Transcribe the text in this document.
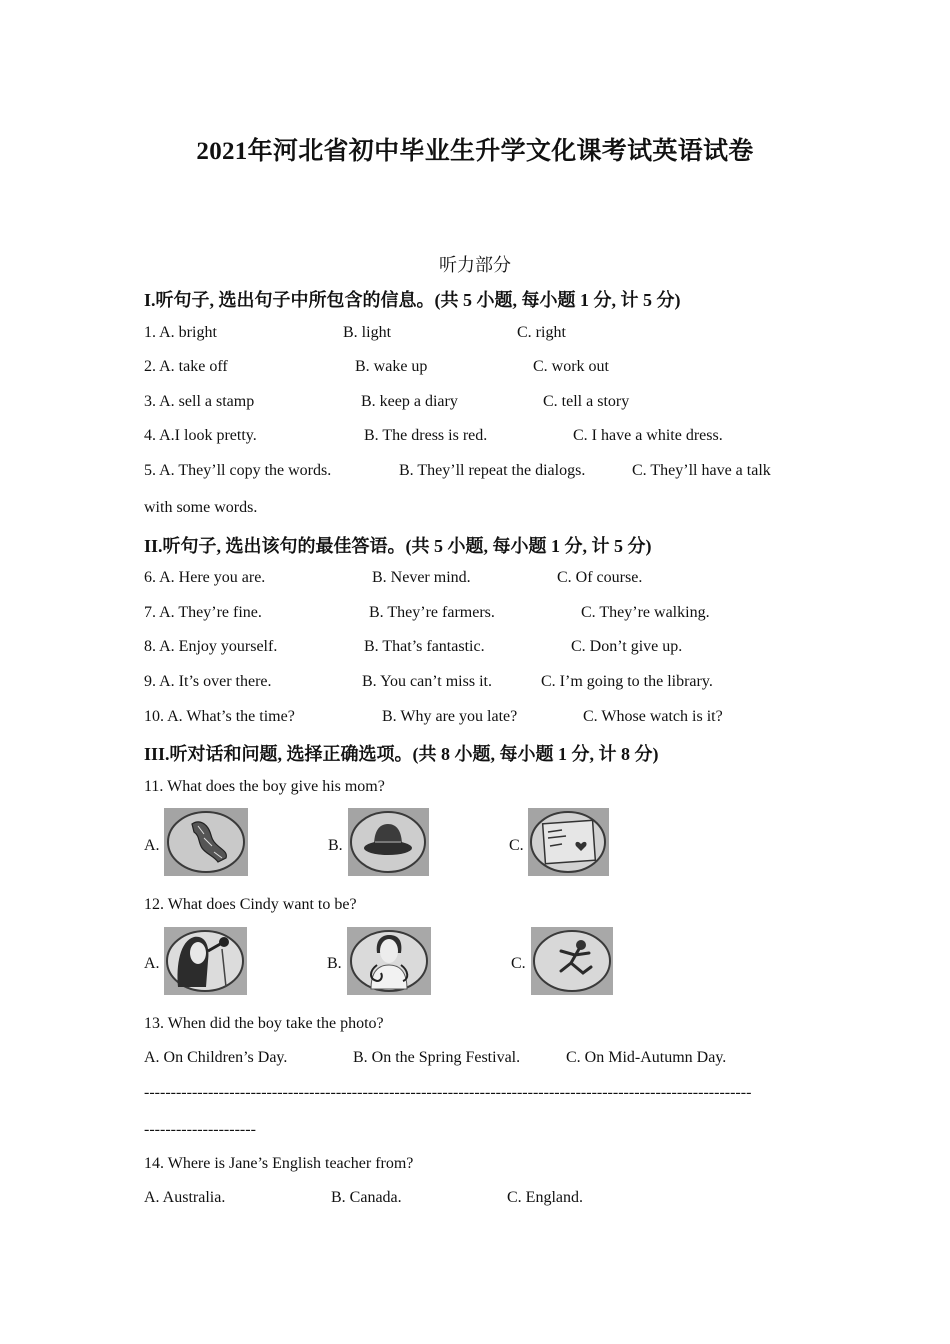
2021年河北省初中毕业生升学文化课考试英语试卷
听力部分
I.听句子, 选出句子中所包含的信息。(共 5 小题, 每小题 1 分, 计 5 分)
1. A. bright	B. light	C. right
2. A. take off	B. wake up	C. work out
3. A. sell a stamp	B. keep a diary	C. tell a story
4. A.I look pretty.	B. The dress is red.	C. I have a white dress.
5. A. They’ll copy the words.	B. They’ll repeat the dialogs.	C. They’ll have a talk
with some words.
II.听句子, 选出该句的最佳答语。(共 5 小题, 每小题 1 分, 计 5 分)
6. A. Here you are.	B. Never mind.	C. Of course.
7. A. They’re fine.	B. They’re farmers.	C. They’re walking.
8. A. Enjoy yourself.	B. That’s fantastic.	C. Don’t give up.
9. A. It’s over there.	B. You can’t miss it.	C. I’m going to the library.
10. A. What’s the time?	B. Why are you late?	C. Whose watch is it?
III.听对话和问题, 选择正确选项。(共 8 小题, 每小题 1 分, 计 8 分)
11. What does the boy give his mom?
A.	B.	C.
12. What does Cindy want to be?
A.	B.	C.
13. When did the boy take the photo?
A. On Children’s Day.	B. On the Spring Festival.	C. On Mid-Autumn Day.
------------------------------------------------------------------------------------------------------------------
---------------------
14. Where is Jane’s English teacher from?
A. Australia.	B. Canada.	C. England.
